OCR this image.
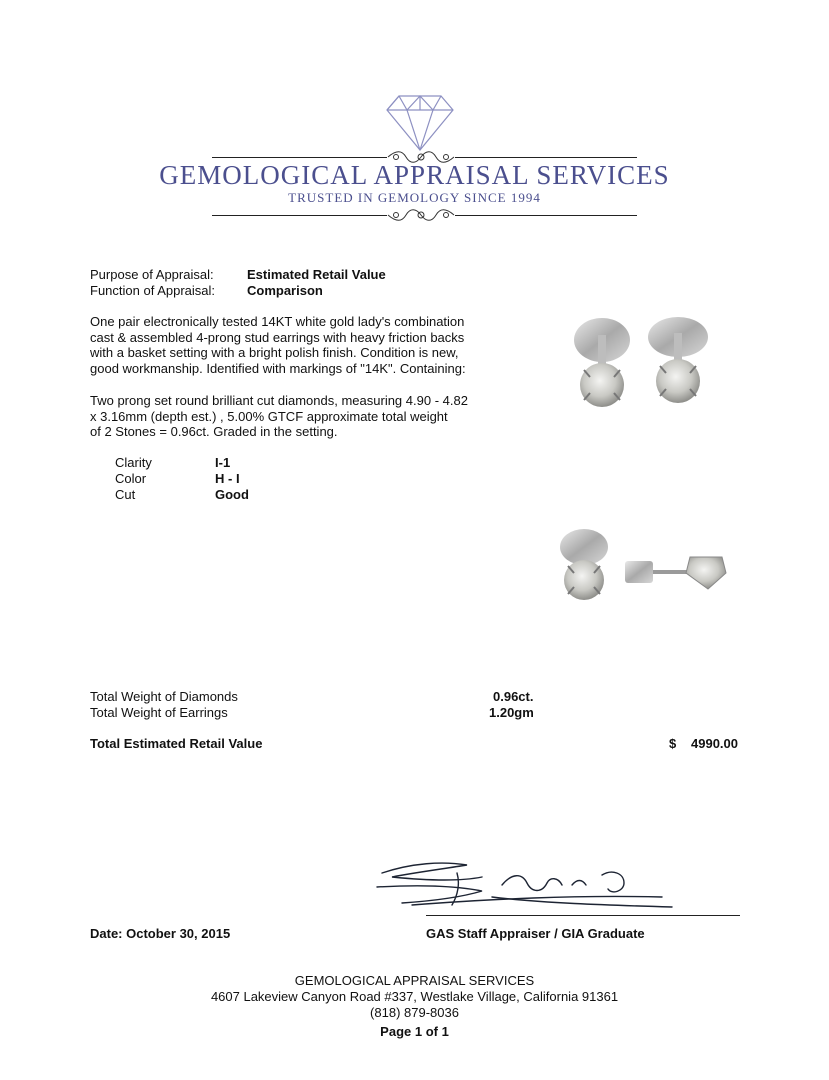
GEMOLOGICAL APPRAISAL SERVICES
TRUSTED IN GEMOLOGY SINCE 1994
Purpose of Appraisal:	Estimated Retail Value
Function of Appraisal: Comparison
One pair electronically tested 14KT white gold lady's combination
cast & assembled 4-prong stud earrings with heavy friction backs
with a basket setting with a bright polish finish. Condition is new,
good workmanship. Identified with markings of "14K". Containing:
Two prong set round brilliant cut diamonds, measuring 4.90 - 4.82
x 3.16mm (depth est.) , 5.00% GTCF approximate total weight
of 2 Stones = 0.96ct. Graded in the setting.
Clarity	I-1
Color	H - I
Cut	Good
Total Weight of Diamonds	0.96ct.
Total Weight of Earrings	1.20gm
Total Estimated Retail Value	$ 4990.00
Date: October 30, 2015	GAS Staff Appraiser / GIA Graduate
GEMOLOGICAL APPRAISAL SERVICES
4607 Lakeview Canyon Road #337, Westlake Village, California 91361
(818) 879-8036
Page 1 of 1
